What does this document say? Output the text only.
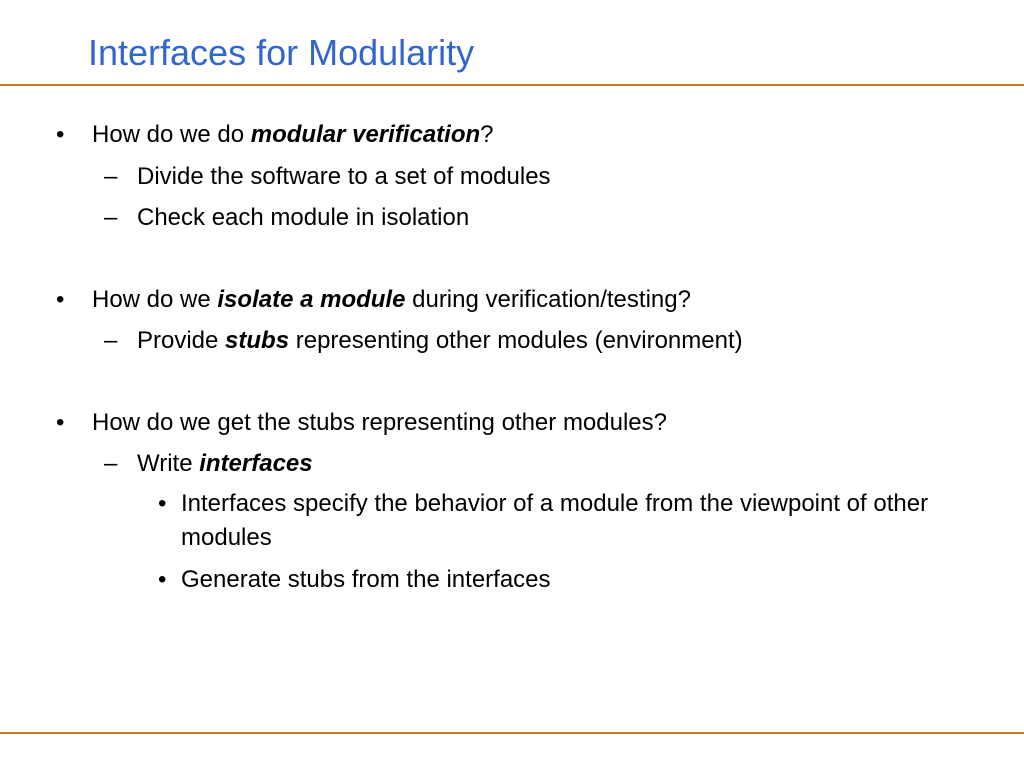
Interfaces for Modularity
• How do we do modular verification?
– Divide the software to a set of modules
– Check each module in isolation
• How do we isolate a module during verification/testing?
– Provide stubs representing other modules (environment)
• How do we get the stubs representing other modules?
– Write interfaces
• Interfaces specify the behavior of a module from the viewpoint of other modules
• Generate stubs from the interfaces
